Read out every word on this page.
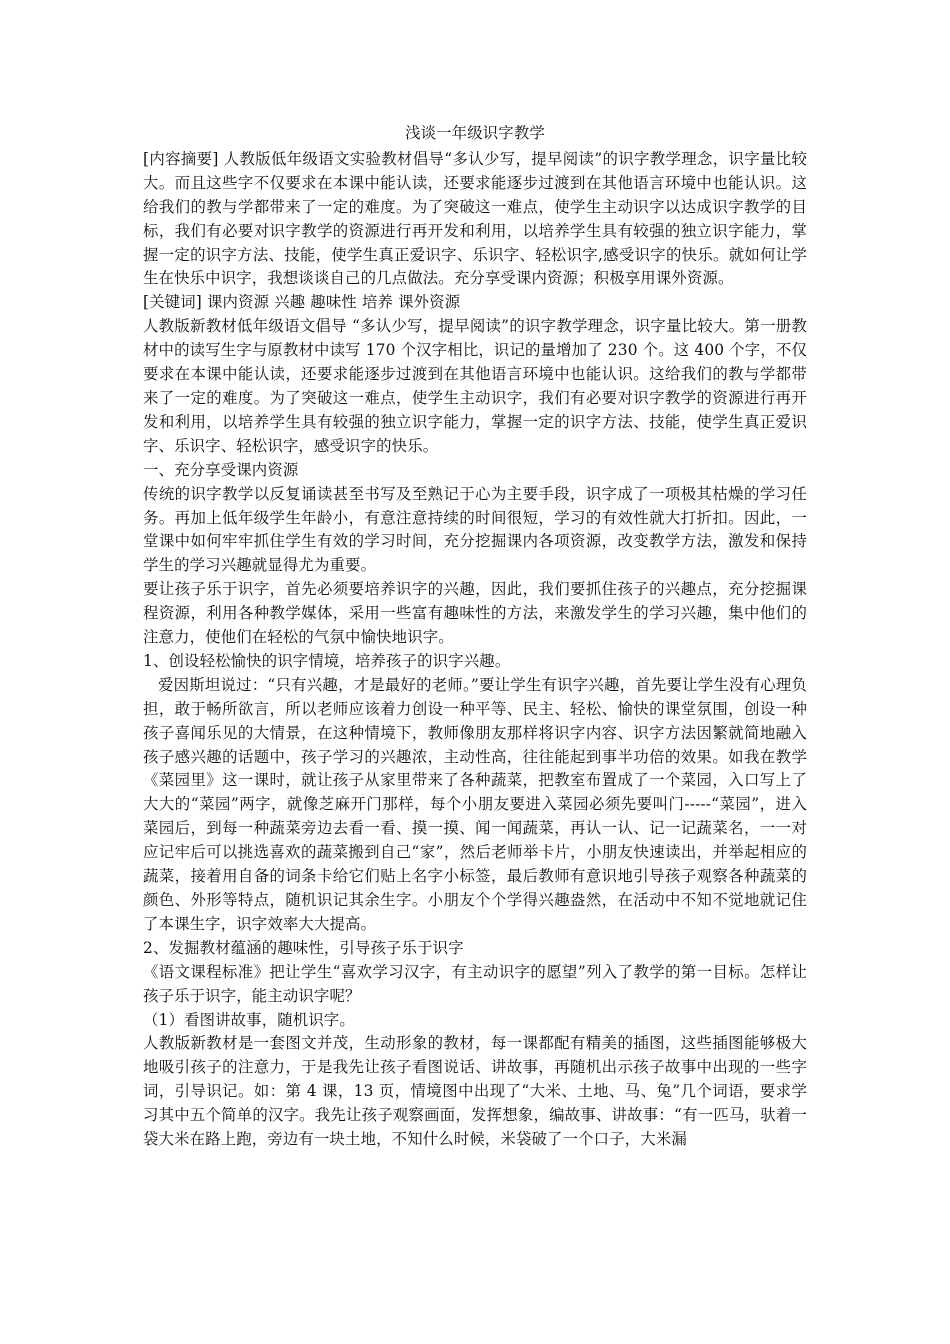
浅谈一年级识字教学

[内容摘要] 人教版低年级语文实验教材倡导“多认少写，提早阅读”的识字教学理念，识字量比较大。而且这些字不仅要求在本课中能认读，还要求能逐步过渡到在其他语言环境中也能认识。这给我们的教与学都带来了一定的难度。为了突破这一难点，使学生主动识字以达成识字教学的目标，我们有必要对识字教学的资源进行再开发和利用，以培养学生具有较强的独立识字能力，掌握一定的识字方法、技能，使学生真正爱识字、乐识字、轻松识字,感受识字的快乐。就如何让学生在快乐中识字，我想谈谈自己的几点做法。充分享受课内资源；积极享用课外资源。

[关键词] 课内资源 兴趣 趣味性 培养 课外资源

人教版新教材低年级语文倡导 “多认少写，提早阅读”的识字教学理念，识字量比较大。第一册教材中的读写生字与原教材中读写 170 个汉字相比，识记的量增加了 230 个。这 400 个字，不仅要求在本课中能认读，还要求能逐步过渡到在其他语言环境中也能认识。这给我们的教与学都带来了一定的难度。为了突破这一难点，使学生主动识字，我们有必要对识字教学的资源进行再开发和利用，以培养学生具有较强的独立识字能力，掌握一定的识字方法、技能，使学生真正爱识字、乐识字、轻松识字，感受识字的快乐。

一、充分享受课内资源

传统的识字教学以反复诵读甚至书写及至熟记于心为主要手段，识字成了一项极其枯燥的学习任务。再加上低年级学生年龄小，有意注意持续的时间很短，学习的有效性就大打折扣。因此，一堂课中如何牢牢抓住学生有效的学习时间，充分挖掘课内各项资源，改变教学方法，激发和保持学生的学习兴趣就显得尤为重要。

要让孩子乐于识字，首先必须要培养识字的兴趣，因此，我们要抓住孩子的兴趣点，充分挖掘课程资源，利用各种教学媒体，采用一些富有趣味性的方法，来激发学生的学习兴趣，集中他们的注意力，使他们在轻松的气氛中愉快地识字。

1、创设轻松愉快的识字情境，培养孩子的识字兴趣。

爱因斯坦说过：“只有兴趣，才是最好的老师。”要让学生有识字兴趣，首先要让学生没有心理负担，敢于畅所欲言，所以老师应该着力创设一种平等、民主、轻松、愉快的课堂氛围，创设一种孩子喜闻乐见的大情景，在这种情境下，教师像朋友那样将识字内容、识字方法因繁就简地融入孩子感兴趣的话题中，孩子学习的兴趣浓，主动性高，往往能起到事半功倍的效果。如我在教学《菜园里》这一课时，就让孩子从家里带来了各种蔬菜，把教室布置成了一个菜园，入口写上了大大的“菜园”两字，就像芝麻开门那样，每个小朋友要进入菜园必须先要叫门-----“菜园”，进入菜园后，到每一种蔬菜旁边去看一看、摸一摸、闻一闻蔬菜，再认一认、记一记蔬菜名，一一对应记牢后可以挑选喜欢的蔬菜搬到自己“家”，然后老师举卡片，小朋友快速读出，并举起相应的蔬菜，接着用自备的词条卡给它们贴上名字小标签，最后教师有意识地引导孩子观察各种蔬菜的颜色、外形等特点，随机识记其余生字。小朋友个个学得兴趣盎然，在活动中不知不觉地就记住了本课生字，识字效率大大提高。

2、发掘教材蕴涵的趣味性，引导孩子乐于识字

《语文课程标准》把让学生“喜欢学习汉字，有主动识字的愿望”列入了教学的第一目标。怎样让孩子乐于识字，能主动识字呢？

（1）看图讲故事，随机识字。

人教版新教材是一套图文并茂，生动形象的教材，每一课都配有精美的插图，这些插图能够极大地吸引孩子的注意力，于是我先让孩子看图说话、讲故事，再随机出示孩子故事中出现的一些字词，引导识记。如：第 4 课，13 页，情境图中出现了“大米、土地、马、兔”几个词语，要求学习其中五个简单的汉字。我先让孩子观察画面，发挥想象，编故事、讲故事：“有一匹马，驮着一袋大米在路上跑，旁边有一块土地，不知什么时候，米袋破了一个口子，大米漏
